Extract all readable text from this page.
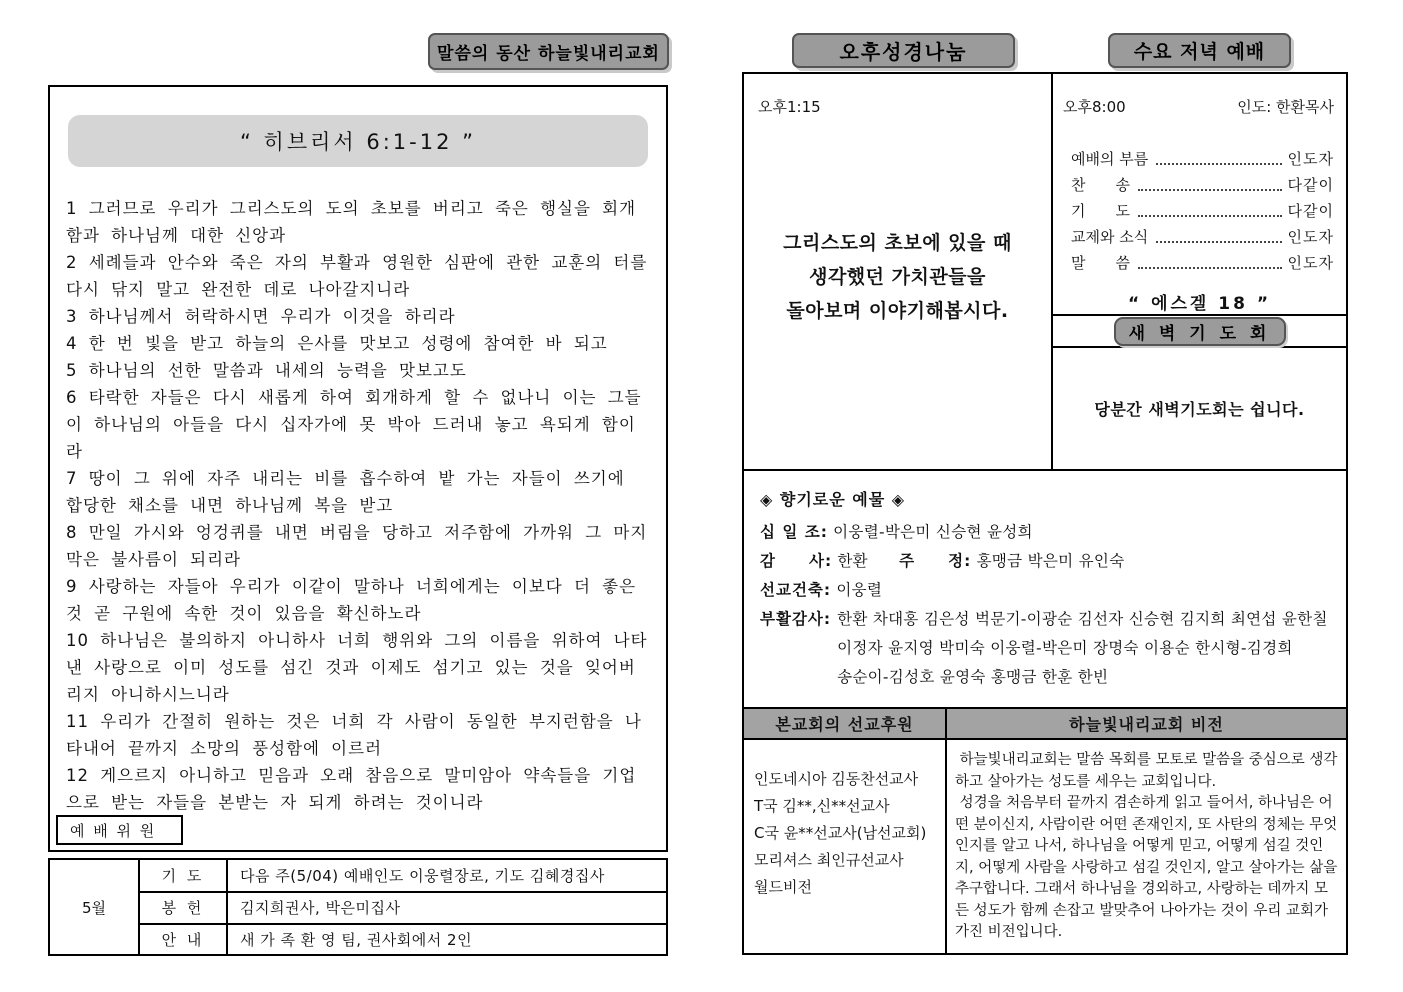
말씀의 동산 하늘빛내리교회
“ 히브리서 6:1-12 ”
1 그러므로 우리가 그리스도의 도의 초보를 버리고 죽은 행실을 회개함과 하나님께 대한 신앙과
2 세례들과 안수와 죽은 자의 부활과 영원한 심판에 관한 교훈의 터를 다시 닦지 말고 완전한 데로 나아갈지니라
3 하나님께서 허락하시면 우리가 이것을 하리라
4 한 번 빛을 받고 하늘의 은사를 맛보고 성령에 참여한 바 되고
5 하나님의 선한 말씀과 내세의 능력을 맛보고도
6 타락한 자들은 다시 새롭게 하여 회개하게 할 수 없나니 이는 그들이 하나님의 아들을 다시 십자가에 못 박아 드러내 놓고 욕되게 함이라
7 땅이 그 위에 자주 내리는 비를 흡수하여 밭 가는 자들이 쓰기에 합당한 채소를 내면 하나님께 복을 받고
8 만일 가시와 엉겅퀴를 내면 버림을 당하고 저주함에 가까워 그 마지막은 불사름이 되리라
9 사랑하는 자들아 우리가 이같이 말하나 너희에게는 이보다 더 좋은 것 곧 구원에 속한 것이 있음을 확신하노라
10 하나님은 불의하지 아니하사 너희 행위와 그의 이름을 위하여 나타낸 사랑으로 이미 성도를 섬긴 것과 이제도 섬기고 있는 것을 잊어버리지 아니하시느니라
11 우리가 간절히 원하는 것은 너희 각 사람이 동일한 부지런함을 나타내어 끝까지 소망의 풍성함에 이르러
12 게으르지 아니하고 믿음과 오래 참음으로 말미암아 약속들을 기업으로 받는 자들을 본받는 자 되게 하려는 것이니라
예 배 위 원
5월
기 도	다음 주(5/04) 예배인도 이웅렬장로, 기도 김혜경집사
봉 헌	김지희권사, 박은미집사
안 내	새 가 족 환 영 팀, 권사회에서 2인
오후성경나눔	수요 저녁 예배
오후1:15
그리스도의 초보에 있을 때
생각했던 가치관들을
돌아보며 이야기해봅시다.
오후8:00	인도: 한환목사
예배의 부름	인도자
찬　　송	다같이
기　　도	다같이
교제와 소식	인도자
말　　씀	인도자
“ 에스겔 18 ”
새 벽 기 도 회
당분간 새벽기도회는 쉽니다.
◈ 향기로운 예물 ◈
십 일 조: 이웅렬-박은미 신승현 윤성희
감　　사: 한환 주　　정: 홍맹금 박은미 유인숙
선교건축: 이웅렬
부활감사: 한환 차대홍 김은성 벅문기-이광순 김선자 신승현 김지희 최연섭 윤한칠
이정자 윤지영 박미숙 이웅렬-박은미 장명숙 이용순 한시형-김경희
송순이-김성호 윤영숙 홍맹금 한훈 한빈
본교회의 선교후원	하늘빛내리교회 비전
인도네시아 김동찬선교사
T국 김**,신**선교사
C국 윤**선교사(남선교회)
모리셔스 최인규선교사
월드비전

하늘빛내리교회는 말씀 목회를 모토로 말씀을 중심으로 생각하고 살아가는 성도를 세우는 교회입니다.

성경을 처음부터 끝까지 겸손하게 읽고 들어서, 하나님은 어떤 분이신지, 사람이란 어떤 존재인지, 또 사탄의 정체는 무엇인지를 알고 나서, 하나님을 어떻게 믿고, 어떻게 섬길 것인지, 어떻게 사람을 사랑하고 섬길 것인지, 알고 살아가는 삶을 추구합니다. 그래서 하나님을 경외하고, 사랑하는 데까지 모든 성도가 함께 손잡고 발맞추어 나아가는 것이 우리 교회가 가진 비전입니다.
